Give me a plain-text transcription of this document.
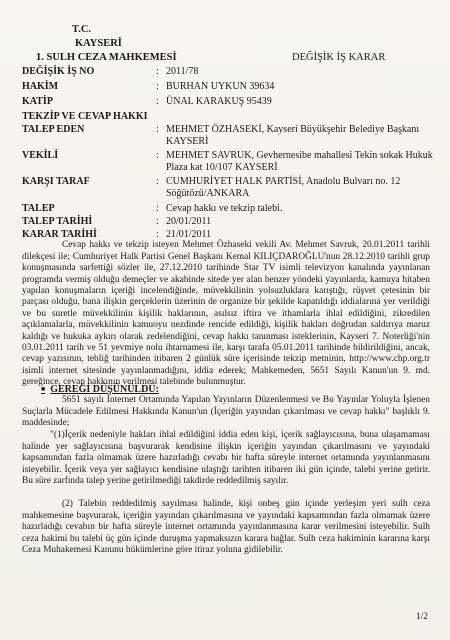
T.C.
KAYSERİ
1. SULH CEZA MAHKEMESİ	DEĞİŞİK İŞ KARAR
DEĞİŞİK İŞ NO	: 2011/78
HAKİM	: BURHAN UYKUN 39634
KATİP	: ÜNAL KARAKUŞ 95439
TEKZİP VE CEVAP HAKKI
TALEP EDEN	: MEHMET ÖZHASEKİ, Kayseri Büyükşehir Belediye Başkanı KAYSERİ
VEKİLİ	: MEHMET SAVRUK, Gevhernesibe mahallesi Tekin sokak Hukuk Plaza kat 10/107 KAYSERİ
KARŞI TARAF	: CUMHURİYET HALK PARTİSİ, Anadolu Bulvarı no. 12 Söğütözü/ANKARA
TALEP	: Cevap hakkı ve tekzip talebi.
TALEP TARİHİ	: 20/01/2011
KARAR TARİHİ	: 21/01/2011

Cevap hakkı ve tekzip isteyen Mehmet Özhaseki vekili Av. Mehmet Savruk, 20.01.2011 tarihli dilekçesi ile; Cumhuriyet Halk Partisi Genel Başkanı Kemal KILIÇDAROĞLU'nun 28.12.2010 tarihli grup konuşmasında sarfettiği sözler ile, 27.12.2010 tarihinde Star TV isimli televizyon kanalında yayınlanan programda vermiş olduğu demeçler ve akabinde sitede yer alan benzer yöndeki yayınlarda, kamuya hitaben yapılan konuşmaların içeriği incelendiğinde, müvekkilinin yolsuzluklara karıştığı, rüşvet çetesinin bir parçası olduğu, bana ilişkin gerçeklerin üzerinin de organize bir şekilde kapatıldığı iddialarına yer verildiği ve bu suretle müvekkilinin kişilik haklarının, asılsız iftira ve ithamlarla ihlal edildiğini, zikredilen açıklamalarla, müvekkilinin kamuoyu nezdinde rencide edildiği, kişilik hakları doğrudan saldırıya maruz kaldığı ve hukuka aykırı olarak zedelendiğini, cevap hakkı tanınması isteklerinin, Kayseri 7. Noterliği'nin 03.01.2011 tarih ve 51 yevmiye nolu ihtarnamesi ile, karşı tarafa 05.01.2011 tarihinde bildirildiğini, ancak, cevap yazısının, tebliğ tarihinden itibaren 2 günlük süre içerisinde tekzip metninin, http://www.chp.org.tr isimli internet sitesinde yayınlanmadığını, iddia ederek; Mahkemeden, 5651 Sayılı Kanun'un 9. md. gereğince, cevap hakkının verilmesi talebinde bulunmuştur.

■ GEREĞİ DÜŞÜNÜLDÜ:

5651 sayılı İnternet Ortamında Yapılan Yayınların Düzenlenmesi ve Bu Yayınlar Yoluyla İşlenen Suçlarla Mücadele Edilmesi Hakkında Kanun'un (İçeriğin yayından çıkarılması ve cevap hakkı" başlıklı 9. maddesinde;

"(1)İçerik nedeniyle hakları ihlal edildiğini iddia eden kişi, içerik sağlayıcısına, buna ulaşamaması halinde yer sağlayıcısına başvurarak kendisine ilişkin içeriğin yayından çıkarılmasını ve yayındaki kapsamından fazla olmamak üzere hazırladığı cevabı bir hafta süreyle internet ortamında yayınlanmasını isteyebilir. İçerik veya yer sağlayıcı kendisine ulaştığı tarihten itibaren iki gün içinde, talebi yerine getirir. Bu süre zarfında talep yerine getirilmediği takdirde reddedilmiş sayılır.

(2) Talebin reddedilmiş sayılması halinde, kişi onbeş gün içinde yerleşim yeri sulh ceza mahkemesine başvurarak, içeriğin yayından çıkarılmasına ve yayındaki kapsamından fazla olmamak üzere hazırladığı cevabın bir hafta süreyle internet ortamında yayınlanmasına karar verilmesini isteyebilir. Sulh ceza hakimi bu talebi üç gün içinde duruşma yapmaksızın karara bağlar. Sulh ceza hakiminin kararına karşı Ceza Muhakemesi Kanunu hükümlerine göre itiraz yoluna gidilebilir.

1/2
